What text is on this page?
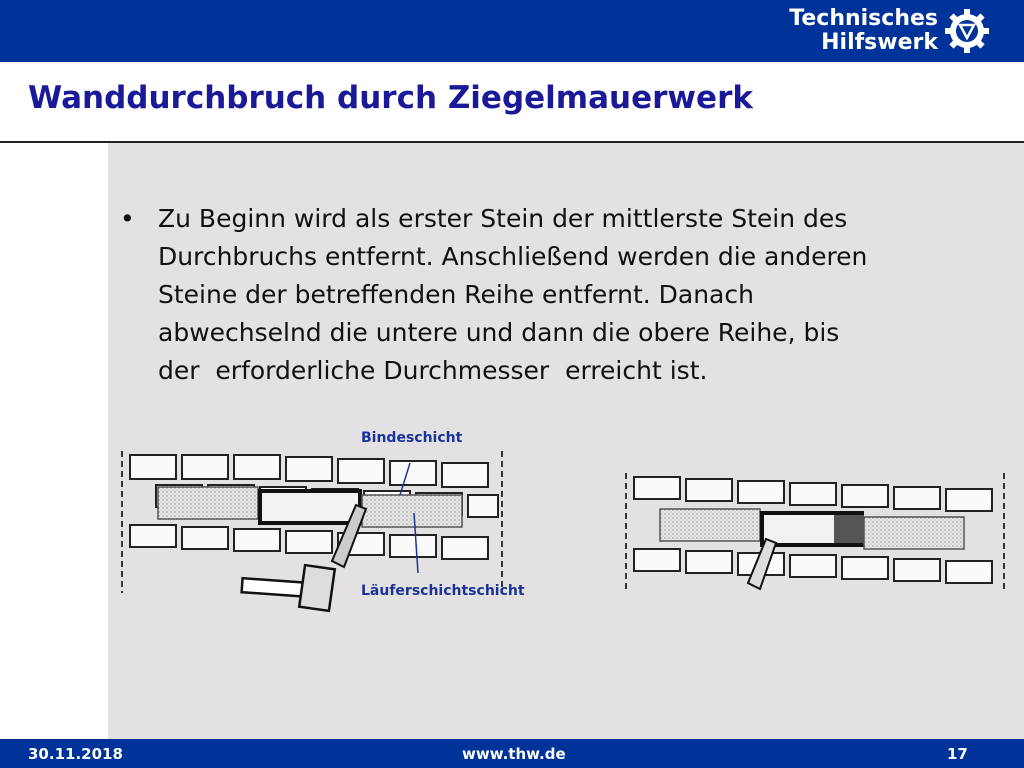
Technisches
Hilfswerk
Wanddurchbruch durch Ziegelmauerwerk
• Zu Beginn wird als erster Stein der mittlerste Stein des
Durchbruchs entfernt. Anschließend werden die anderen
Steine der betreffenden Reihe entfernt. Danach
abwechselnd die untere und dann die obere Reihe, bis
der  erforderliche Durchmesser  erreicht ist.
Bindeschicht
Läuferschichtschicht
30.11.2018	www.thw.de	17
